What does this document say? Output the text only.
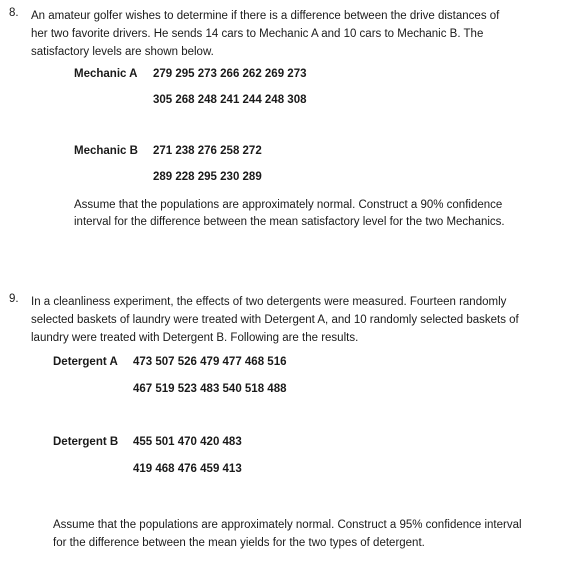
8. An amateur golfer wishes to determine if there is a difference between the drive distances of
her two favorite drivers. He sends 14 cars to Mechanic A and 10 cars to Mechanic B. The
satisfactory levels are shown below.
Mechanic A 279 295 273 266 262 269 273
305 268 248 241 244 248 308
Mechanic B 271 238 276 258 272
289 228 295 230 289
Assume that the populations are approximately normal. Construct a 90% confidence
interval for the difference between the mean satisfactory level for the two Mechanics.
9. In a cleanliness experiment, the effects of two detergents were measured. Fourteen randomly
selected baskets of laundry were treated with Detergent A, and 10 randomly selected baskets of
laundry were treated with Detergent B. Following are the results.
Detergent A 473 507 526 479 477 468 516
467 519 523 483 540 518 488
Detergent B 455 501 470 420 483
419 468 476 459 413
Assume that the populations are approximately normal. Construct a 95% confidence interval
for the difference between the mean yields for the two types of detergent.
